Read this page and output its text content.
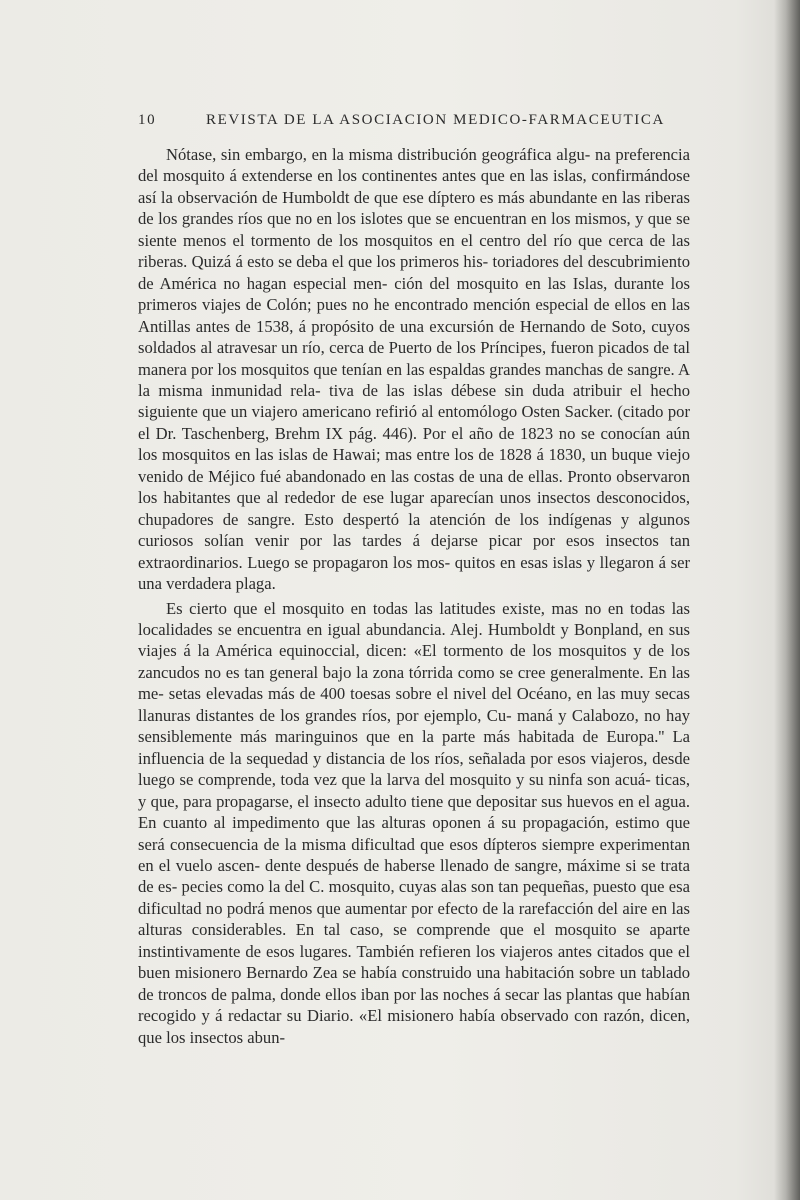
10	REVISTA DE LA ASOCIACION MEDICO-FARMACEUTICA

Nótase, sin embargo, en la misma distribución geográfica algu- na preferencia del mosquito á extenderse en los continentes antes que en las islas, confirmándose así la observación de Humboldt de que ese díptero es más abundante en las riberas de los grandes ríos que no en los islotes que se encuentran en los mismos, y que se siente menos el tormento de los mosquitos en el centro del río que cerca de las riberas. Quizá á esto se deba el que los primeros his- toriadores del descubrimiento de América no hagan especial men- ción del mosquito en las Islas, durante los primeros viajes de Colón; pues no he encontrado mención especial de ellos en las Antillas antes de 1538, á propósito de una excursión de Hernando de Soto, cuyos soldados al atravesar un río, cerca de Puerto de los Príncipes, fueron picados de tal manera por los mosquitos que tenían en las espaldas grandes manchas de sangre. A la misma inmunidad rela- tiva de las islas débese sin duda atribuir el hecho siguiente que un viajero americano refirió al entomólogo Osten Sacker. (citado por el Dr. Taschenberg, Brehm IX pág. 446). Por el año de 1823 no se conocían aún los mosquitos en las islas de Hawai; mas entre los de 1828 á 1830, un buque viejo venido de Méjico fué abandonado en las costas de una de ellas. Pronto observaron los habitantes que al rededor de ese lugar aparecían unos insectos desconocidos, chupadores de sangre. Esto despertó la atención de los indígenas y algunos curiosos solían venir por las tardes á dejarse picar por esos insectos tan extraordinarios. Luego se propagaron los mos- quitos en esas islas y llegaron á ser una verdadera plaga.

Es cierto que el mosquito en todas las latitudes existe, mas no en todas las localidades se encuentra en igual abundancia. Alej. Humboldt y Bonpland, en sus viajes á la América equinoccial, dicen: «El tormento de los mosquitos y de los zancudos no es tan general bajo la zona tórrida como se cree generalmente. En las me- setas elevadas más de 400 toesas sobre el nivel del Océano, en las muy secas llanuras distantes de los grandes ríos, por ejemplo, Cu- maná y Calabozo, no hay sensiblemente más maringuinos que en la parte más habitada de Europa.'' La influencia de la sequedad y distancia de los ríos, señalada por esos viajeros, desde luego se comprende, toda vez que la larva del mosquito y su ninfa son acuá- ticas, y que, para propagarse, el insecto adulto tiene que depositar sus huevos en el agua. En cuanto al impedimento que las alturas oponen á su propagación, estimo que será consecuencia de la misma dificultad que esos dípteros siempre experimentan en el vuelo ascen- dente después de haberse llenado de sangre, máxime si se trata de es- pecies como la del C. mosquito, cuyas alas son tan pequeñas, puesto que esa dificultad no podrá menos que aumentar por efecto de la rarefacción del aire en las alturas considerables. En tal caso, se comprende que el mosquito se aparte instintivamente de esos lugares. También refieren los viajeros antes citados que el buen misionero Bernardo Zea se había construido una habitación sobre un tablado de troncos de palma, donde ellos iban por las noches á secar las plantas que habían recogido y á redactar su Diario. «El misionero había observado con razón, dicen, que los insectos abun-
